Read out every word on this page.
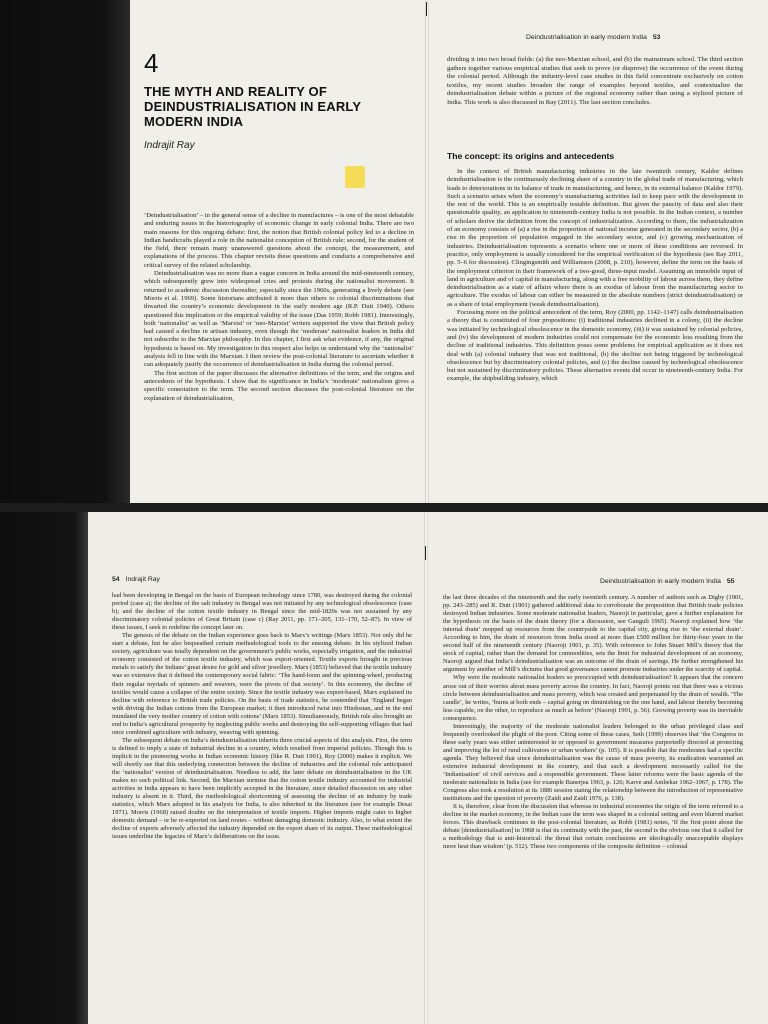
Deindustrialisation in early modern India 53
4
THE MYTH AND REALITY OF DEINDUSTRIALISATION IN EARLY MODERN INDIA
Indrajit Ray

‘Deindustrialisation’ – in the general sense of a decline in manufactures – is one of the most debatable and enduring issues in the historiography of economic change in early colonial India. There are two main reasons for this ongoing debate: first, the notion that British colonial policy led to a decline in Indian handicrafts played a role in the nationalist conception of British rule; second, for the student of the field, there remain many unanswered questions about the concept, the measurement, and explanations of the process. This chapter revisits these questions and conducts a comprehensive and critical survey of the related scholarship.

Deindustrialisation was no more than a vague concern in India around the mid-nineteenth century, which subsequently grew into widespread cries and protests during the nationalist movement. It returned to academic discussion thereafter, especially since the 1960s, generating a lively debate (see Morris et al. 1969). Some historians attributed it more than others to colonial discriminations that thwarted the country’s economic development in the early modern age (R.P. Dutt 1940). Others questioned this implication or the empirical validity of the issue (Das 1959; Robb 1981). Interestingly, both ‘nationalist’ as well as ‘Marxist’ or ‘neo-Marxist’ writers supported the view that British policy had caused a decline in artisan industry, even though the ‘moderate’ nationalist leaders in India did not subscribe to the Marxian philosophy. In this chapter, I first ask what evidence, if any, the original hypothesis is based on. My investigation in this respect also helps us understand why the ‘nationalist’ analysis fell in line with the Marxian. I then review the post-colonial literature to ascertain whether it can adequately justify the occurrence of deindustrialisation in India during the colonial period.

The first section of the paper discusses the alternative definitions of the term, and the origins and antecedents of the hypothesis. I show that its significance in India’s ‘moderate’ nationalism gives a specific connotation to the term. The second section discusses the post-colonial literature on the explanation of deindustrialisation,

dividing it into two broad fields: (a) the neo-Marxian school, and (b) the mainstream school. The third section gathers together various empirical studies that seek to prove (or disprove) the occurrence of the event during the colonial period. Although the industry-level case studies in this field concentrate exclusively on cotton textiles, my recent studies broaden the range of examples beyond textiles, and contextualize the deindustrialisation debate within a picture of the regional economy rather than using a stylized picture of India. This work is also discussed in Ray (2011). The last section concludes.

The concept: its origins and antecedents

In the context of British manufacturing industries in the late twentieth century, Kaldor defines deindustrialisation is the continuously declining share of a country in the global trade of manufacturing, which leads to deteriorations in its balance of trade in manufacturing, and hence, in its external balance (Kaldor 1979). Such a scenario arises when the economy’s manufacturing activities fail to keep pace with the development in the rest of the world. This is an empirically testable definition. But given the paucity of data and also their questionable quality, an application to nineteenth-century India is not possible. In the Indian context, a number of scholars derive the definition from the concept of industrialization. According to them, the industrialization of an economy consists of (a) a rise in the proportion of national income generated in the secondary sector, (b) a rise in the proportion of population engaged in the secondary sector, and (c) growing mechanization of industries. Deindustrialisation represents a scenario where one or more of these conditions are reversed. In practice, only employment is usually considered for the empirical verification of the hypothesis (see Ray 2011, pp. 5–6 for discussion). Clingingsmith and Williamson (2008, p. 210), however, define the term on the basis of the employment criterion in their framework of a two-good, three-input model. Assuming an immobile input of land in agriculture and of capital in manufacturing, along with a free mobility of labour across them, they define deindustrialisation as a state of affairs where there is an exodus of labour from the manufacturing sector to agriculture. The exodus of labour can either be measured in the absolute numbers (strict deindustrialisation) or as a share of total employment (weak deindustrialisation).

Focussing more on the political antecedent of the term, Roy (2000, pp. 1142–1147) calls deindustrialisation a theory that is constituted of four propositions: (i) traditional industries declined in a colony, (ii) the decline was initiated by technological obsolescence in the domestic economy, (iii) it was sustained by colonial policies, and (iv) the development of modern industries could not compensate for the economic loss resulting from the decline of traditional industries. This definition poses some problems for empirical application as it does not deal with (a) colonial industry that was not traditional, (b) the decline not being triggered by technological obsolescence but by discriminatory colonial policies, and (c) the decline caused by technological obsolescence but not sustained by discriminatory policies. These alternative events did occur in nineteenth-century India. For example, the shipbuilding industry, which

54 Indrajit Ray

had been developing in Bengal on the basis of European technology since 1780, was destroyed during the colonial period (case a); the decline of the salt industry in Bengal was not initiated by any technological obsolescence (case b); and the decline of the cotton textile industry in Bengal since the mid-1820s was not sustained by any discriminatory colonial policies of Great Britain (case c) (Ray 2011, pp. 171–205, 131–170, 52–87). In view of these issues, I seek to redefine the concept later on.

The genesis of the debate on the Indian experience goes back to Marx’s writings (Marx 1853). Not only did he start a debate, but he also bequeathed certain methodological tools to the ensuing debate. In his stylized Indian society, agriculture was totally dependent on the government’s public works, especially irrigation, and the industrial economy consisted of the cotton textile industry, which was export-oriented. Textile exports brought in precious metals to satisfy the Indians’ great desire for gold and silver jewellery. Marx (1853) believed that the textile industry was so extensive that it defined the contemporary social fabric: ‘The hand-loom and the spinning-wheel, producing their regular myriads of spinners and weavers, were the pivots of that society’. In this economy, the decline of textiles would cause a collapse of the entire society. Since the textile industry was export-based, Marx explained its decline with reference to British trade policies. On the basis of trade statistics, he contended that ‘England began with driving the Indian cottons from the European market; it then introduced twist into Hindostan, and in the end inundated the very mother country of cotton with cottons’ (Marx 1853). Simultaneously, British rule also brought an end to India’s agricultural prosperity by neglecting public works and destroying the self-supporting villages that had once combined agriculture with industry, weaving with spinning.

The subsequent debate on India’s deindustrialisation inherits three crucial aspects of this analysis. First, the term is defined to imply a state of industrial decline in a country, which resulted from imperial policies. Though this is implicit in the pioneering works in Indian economic history (like R. Dutt 1901), Roy (2000) makes it explicit. We will shortly see that this underlying connection between the decline of industries and the colonial rule anticipated the ‘nationalist’ version of deindustrialisation. Needless to add, the later debate on deindustrialisation in the UK makes no such political link. Second, the Marxian surmise that the cotton textile industry accounted for industrial activities in India appears to have been implicitly accepted in the literature, since detailed discussion on any other industry is absent in it. Third, the methodological shortcoming of assessing the decline of an industry by trade statistics, which Marx adopted in his analysis for India, is also inherited in the literature (see for example Desai 1971). Morris (1968) raised doubts on the interpretation of textile imports. Higher imports might cater to higher domestic demand – or be re-exported on land routes – without damaging domestic industry. Also, to what extent the decline of exports adversely affected the industry depended on the export share of its output. These methodological issues underline the legacies of Marx’s deliberations on the issue.

Deindustrialisation in early modern India 55

the last three decades of the nineteenth and the early twentieth century. A number of authors such as Digby (1901, pp. 243–285) and R. Dutt (1901) gathered additional data to corroborate the proposition that British trade policies destroyed Indian industries. Some moderate nationalist leaders, Naoroji in particular, gave a further explanation for the hypothesis on the basis of the drain theory (for a discussion, see Ganguli 1965). Naoroji explained how ‘the internal drain’ mopped up resources from the countryside to the capital city, giving rise to ‘the external drain’. According to him, the drain of resources from India stood at more than £500 million for thirty-four years in the second half of the nineteenth century (Naoroji 1901, p. 35). With reference to John Stuart Mill’s theory that the stock of capital, rather than the demand for commodities, sets the limit for industrial development of an economy, Naoroji argued that India’s deindustrialisation was an outcome of the drain of savings. He further strengthened his argument by another of Mill’s dictums that good governance cannot promote industries under the scarcity of capital.

Why were the moderate nationalist leaders so preoccupied with deindustrialisation? It appears that the concern arose out of their worries about mass poverty across the country. In fact, Naoroji points out that there was a vicious circle between deindustrialisation and mass poverty, which was created and perpetuated by the drain of wealth. ‘The candle’, he writes, ‘burns at both ends – capital going on diminishing on the one hand, and labour thereby becoming less capable, on the other, to reproduce as much as before’ (Naoroji 1901, p. 56). Growing poverty was its inevitable consequence.

Interestingly, the majority of the moderate nationalist leaders belonged to the urban privileged class and frequently overlooked the plight of the poor. Citing some of these cases, Seth (1999) observes that ‘the Congress in these early years was either uninterested in or opposed to government measures purportedly directed at protecting and improving the lot of rural cultivators or urban workers’ (p. 105). It is possible that the moderates had a specific agenda. They believed that since deindustrialisation was the cause of mass poverty, its eradication warranted an extensive industrial development in the country, and that such a development necessarily called for the ‘Indianisation’ of civil services and a responsible government. These latter reforms were the basic agenda of the moderate nationalists in India (see for example Banerjea 1963, p. 126; Karve and Ambekar 1962–1967, p. 178). The Congress also took a resolution at its 1886 session stating the relationship between the introduction of representative institutions and the question of poverty (Zaidi and Zaidi 1976, p. 138).

It is, therefore, clear from the discussion that whereas in industrial economies the origin of the term referred to a decline in the market economy, in the Indian case the term was shaped in a colonial setting and even blurred market forces. This drawback continues in the post-colonial literature, as Robb (1981) notes, ‘If the first point about the debate [deindustrialisation] in 1968 is that its continuity with the past, the second is the obvious one that it called for a methodology that is anti-historical: the threat that certain conclusions are ideologically unacceptable displays more heat than wisdom’ (p. 512). These two components of the composite definition – colonial
